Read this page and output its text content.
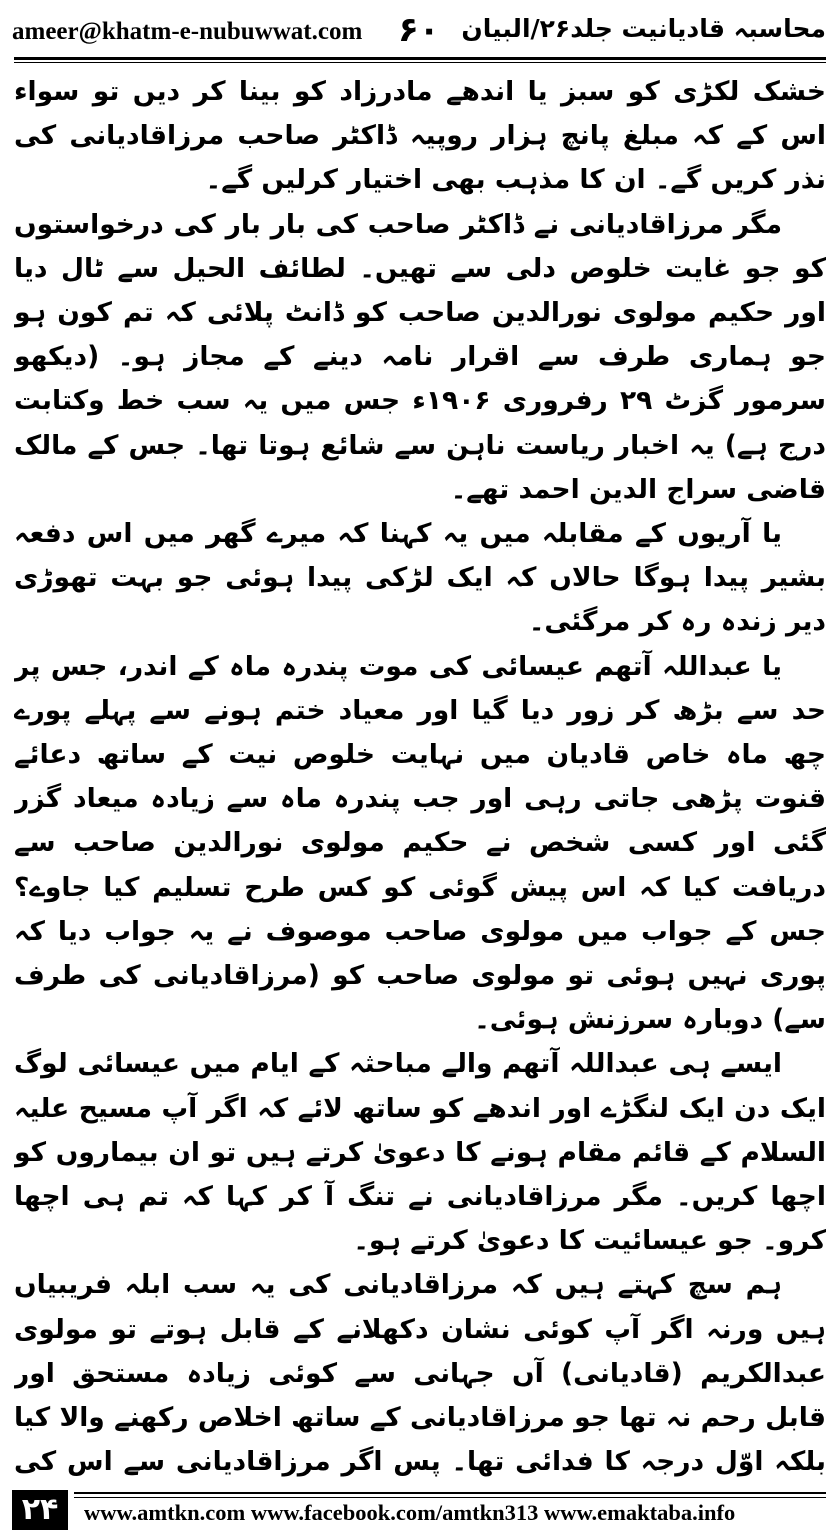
ameer@khatm-e-nubuwwat.com ۶۰ محاسبہ قادیانیت جلد۲۶/البیان

خشک لکڑی کو سبز یا اندھے مادرزاد کو بینا کر دیں تو سواء اس کے کہ مبلغ پانچ ہزار روپیہ ڈاکٹر صاحب مرزاقادیانی کی نذر کریں گے۔ ان کا مذہب بھی اختیار کرلیں گے۔

مگر مرزاقادیانی نے ڈاکٹر صاحب کی بار بار کی درخواستوں کو جو غایت خلوص دلی سے تھیں۔ لطائف الحیل سے ٹال دیا اور حکیم مولوی نورالدین صاحب کو ڈانٹ پلائی کہ تم کون ہو جو ہماری طرف سے اقرار نامہ دینے کے مجاز ہو۔ (دیکھو سرمور گزٹ ۲۹ رفروری ۱۹۰۶ء جس میں یہ سب خط وکتابت درج ہے) یہ اخبار ریاست ناہن سے شائع ہوتا تھا۔ جس کے مالک قاضی سراج الدین احمد تھے۔

یا آریوں کے مقابلہ میں یہ کہنا کہ میرے گھر میں اس دفعہ بشیر پیدا ہوگا حالاں کہ ایک لڑکی پیدا ہوئی جو بہت تھوڑی دیر زندہ رہ کر مرگئی۔

یا عبداللہ آتھم عیسائی کی موت پندرہ ماہ کے اندر، جس پر حد سے بڑھ کر زور دیا گیا اور معیاد ختم ہونے سے پہلے پورے چھ ماہ خاص قادیان میں نہایت خلوص نیت کے ساتھ دعائے قنوت پڑھی جاتی رہی اور جب پندرہ ماہ سے زیادہ میعاد گزر گئی اور کسی شخص نے حکیم مولوی نورالدین صاحب سے دریافت کیا کہ اس پیش گوئی کو کس طرح تسلیم کیا جاوے؟ جس کے جواب میں مولوی صاحب موصوف نے یہ جواب دیا کہ پوری نہیں ہوئی تو مولوی صاحب کو (مرزاقادیانی کی طرف سے) دوبارہ سرزنش ہوئی۔

ایسے ہی عبداللہ آتھم والے مباحثہ کے ایام میں عیسائی لوگ ایک دن ایک لنگڑے اور اندھے کو ساتھ لائے کہ اگر آپ مسیح علیہ السلام کے قائم مقام ہونے کا دعویٰ کرتے ہیں تو ان بیماروں کو اچھا کریں۔ مگر مرزاقادیانی نے تنگ آ کر کہا کہ تم ہی اچھا کرو۔ جو عیسائیت کا دعویٰ کرتے ہو۔

ہم سچ کہتے ہیں کہ مرزاقادیانی کی یہ سب ابلہ فریبیاں ہیں ورنہ اگر آپ کوئی نشان دکھلانے کے قابل ہوتے تو مولوی عبدالکریم (قادیانی) آں جہانی سے کوئی زیادہ مستحق اور قابل رحم نہ تھا جو مرزاقادیانی کے ساتھ اخلاص رکھنے والا کیا بلکہ اوّل درجہ کا فدائی تھا۔ پس اگر مرزاقادیانی سے اس کی

۲۴	www.amtkn.com www.facebook.com/amtkn313 www.emaktaba.info
